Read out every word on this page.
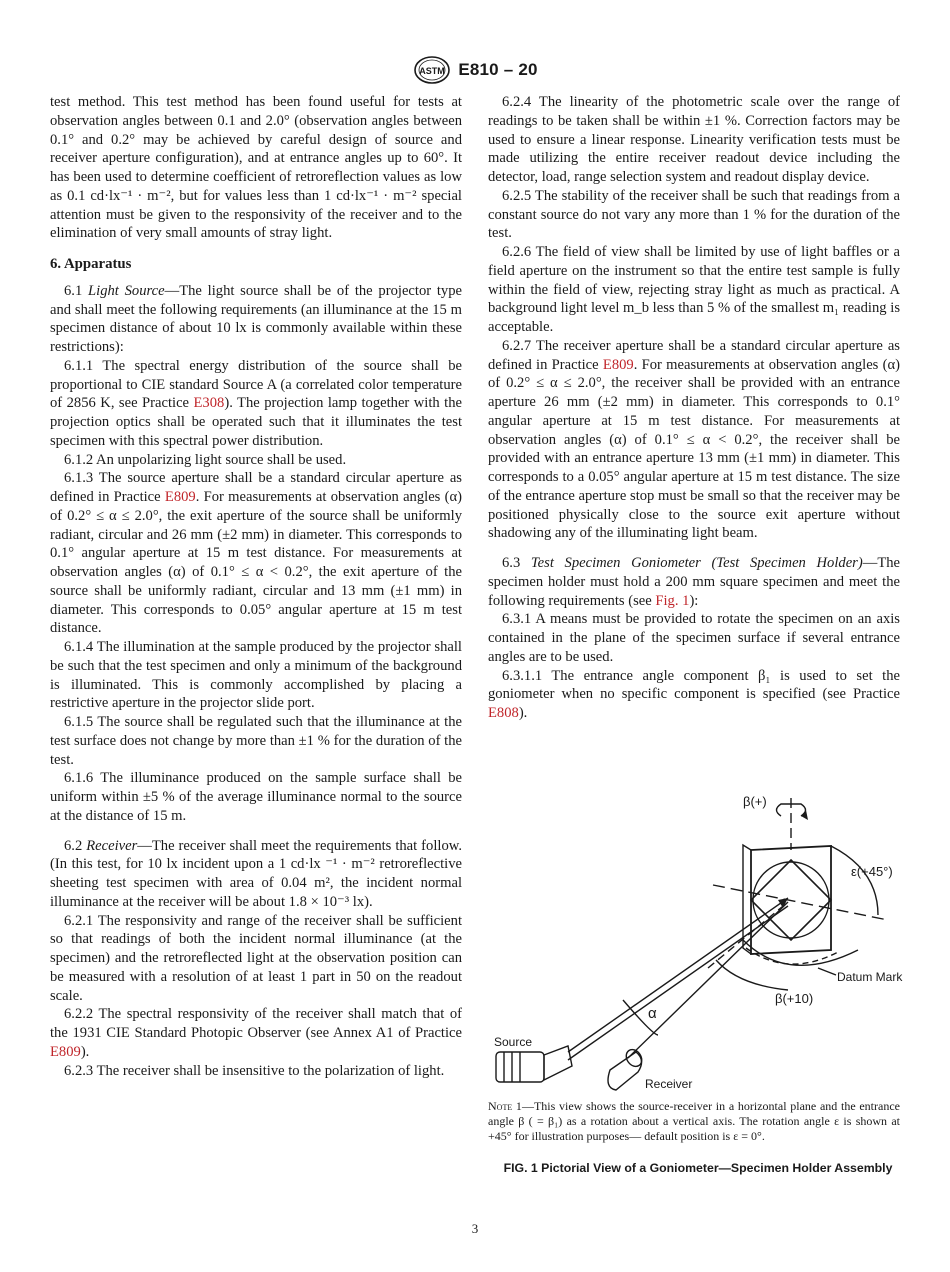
ASTM E810 – 20

test method. This test method has been found useful for tests at observation angles between 0.1 and 2.0° (observation angles between 0.1° and 0.2° may be achieved by careful design of source and receiver aperture configuration), and at entrance angles up to 60°. It has been used to determine coefficient of retroreflection values as low as 0.1 cd·lx⁻¹ · m⁻², but for values less than 1 cd·lx⁻¹ · m⁻² special attention must be given to the responsivity of the receiver and to the elimination of very small amounts of stray light.

6. Apparatus

6.1 Light Source—The light source shall be of the projector type and shall meet the following requirements (an illuminance at the 15 m specimen distance of about 10 lx is commonly available within these restrictions):

6.1.1 The spectral energy distribution of the source shall be proportional to CIE standard Source A (a correlated color temperature of 2856 K, see Practice E308). The projection lamp together with the projection optics shall be operated such that it illuminates the test specimen with this spectral power distribution.

6.1.2 An unpolarizing light source shall be used.

6.1.3 The source aperture shall be a standard circular aperture as defined in Practice E809. For measurements at observation angles (α) of 0.2° ≤ α ≤ 2.0°, the exit aperture of the source shall be uniformly radiant, circular and 26 mm (±2 mm) in diameter. This corresponds to 0.1° angular aperture at 15 m test distance. For measurements at observation angles (α) of 0.1° ≤ α < 0.2°, the exit aperture of the source shall be uniformly radiant, circular and 13 mm (±1 mm) in diameter. This corresponds to 0.05° angular aperture at 15 m test distance.

6.1.4 The illumination at the sample produced by the projector shall be such that the test specimen and only a minimum of the background is illuminated. This is commonly accomplished by placing a restrictive aperture in the projector slide port.

6.1.5 The source shall be regulated such that the illuminance at the test surface does not change by more than ±1 % for the duration of the test.

6.1.6 The illuminance produced on the sample surface shall be uniform within ±5 % of the average illuminance normal to the source at the distance of 15 m.

6.2 Receiver—The receiver shall meet the requirements that follow. (In this test, for 10 lx incident upon a 1 cd·lx ⁻¹ · m⁻² retroreflective sheeting test specimen with area of 0.04 m², the incident normal illuminance at the receiver will be about 1.8 × 10⁻³ lx).

6.2.1 The responsivity and range of the receiver shall be sufficient so that readings of both the incident normal illuminance (at the specimen) and the retroreflected light at the observation position can be measured with a resolution of at least 1 part in 50 on the readout scale.

6.2.2 The spectral responsivity of the receiver shall match that of the 1931 CIE Standard Photopic Observer (see Annex A1 of Practice E809).

6.2.3 The receiver shall be insensitive to the polarization of light.

6.2.4 The linearity of the photometric scale over the range of readings to be taken shall be within ±1 %. Correction factors may be used to ensure a linear response. Linearity verification tests must be made utilizing the entire receiver readout device including the detector, load, range selection system and readout display device.

6.2.5 The stability of the receiver shall be such that readings from a constant source do not vary any more than 1 % for the duration of the test.

6.2.6 The field of view shall be limited by use of light baffles or a field aperture on the instrument so that the entire test sample is fully within the field of view, rejecting stray light as much as practical. A background light level m_b less than 5 % of the smallest m₁ reading is acceptable.

6.2.7 The receiver aperture shall be a standard circular aperture as defined in Practice E809. For measurements at observation angles (α) of 0.2° ≤ α ≤ 2.0°, the receiver shall be provided with an entrance aperture 26 mm (±2 mm) in diameter. This corresponds to 0.1° angular aperture at 15 m test distance. For measurements at observation angles (α) of 0.1° ≤ α < 0.2°, the receiver shall be provided with an entrance aperture 13 mm (±1 mm) in diameter. This corresponds to a 0.05° angular aperture at 15 m test distance. The size of the entrance aperture stop must be small so that the receiver may be positioned physically close to the source exit aperture without shadowing any of the illuminating light beam.

6.3 Test Specimen Goniometer (Test Specimen Holder)—The specimen holder must hold a 200 mm square specimen and meet the following requirements (see Fig. 1):

6.3.1 A means must be provided to rotate the specimen on an axis contained in the plane of the specimen surface if several entrance angles are to be used.

6.3.1.1 The entrance angle component β₁ is used to set the goniometer when no specific component is specified (see Practice E808).

β(+)
ε(+45°)
Datum Mark
β(+10)
α
Source
Receiver
Note 1—This view shows the source-receiver in a horizontal plane and the entrance angle β ( = β₁) as a rotation about a vertical axis. The rotation angle ε is shown at +45° for illustration purposes— default position is ε = 0°.
FIG. 1 Pictorial View of a Goniometer—Specimen Holder Assembly
3
